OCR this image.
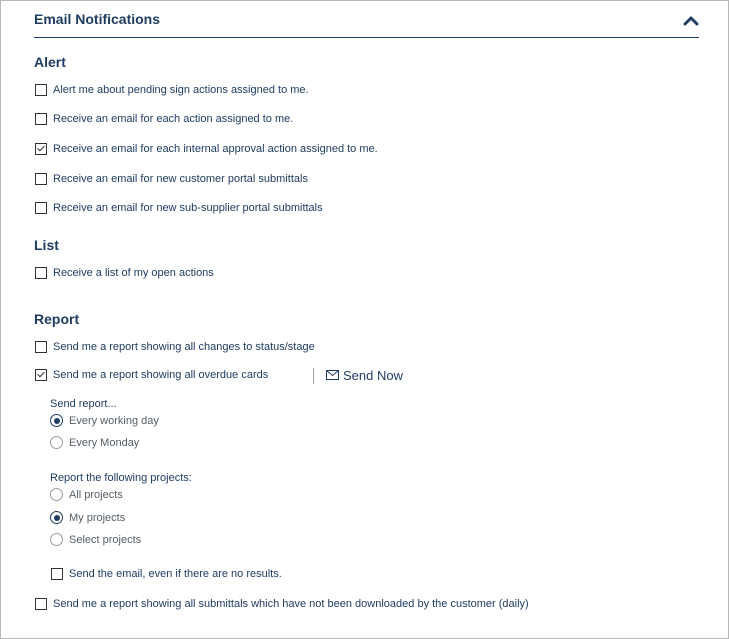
Email Notifications
Alert
Alert me about pending sign actions assigned to me.
Receive an email for each action assigned to me.
Receive an email for each internal approval action assigned to me.
Receive an email for new customer portal submittals
Receive an email for new sub-supplier portal submittals
List
Receive a list of my open actions
Report
Send me a report showing all changes to status/stage
Send me a report showing all overdue cards	Send Now
Send report...
Every working day
Every Monday
Report the following projects:
All projects
My projects
Select projects
Send the email, even if there are no results.
Send me a report showing all submittals which have not been downloaded by the customer (daily)
